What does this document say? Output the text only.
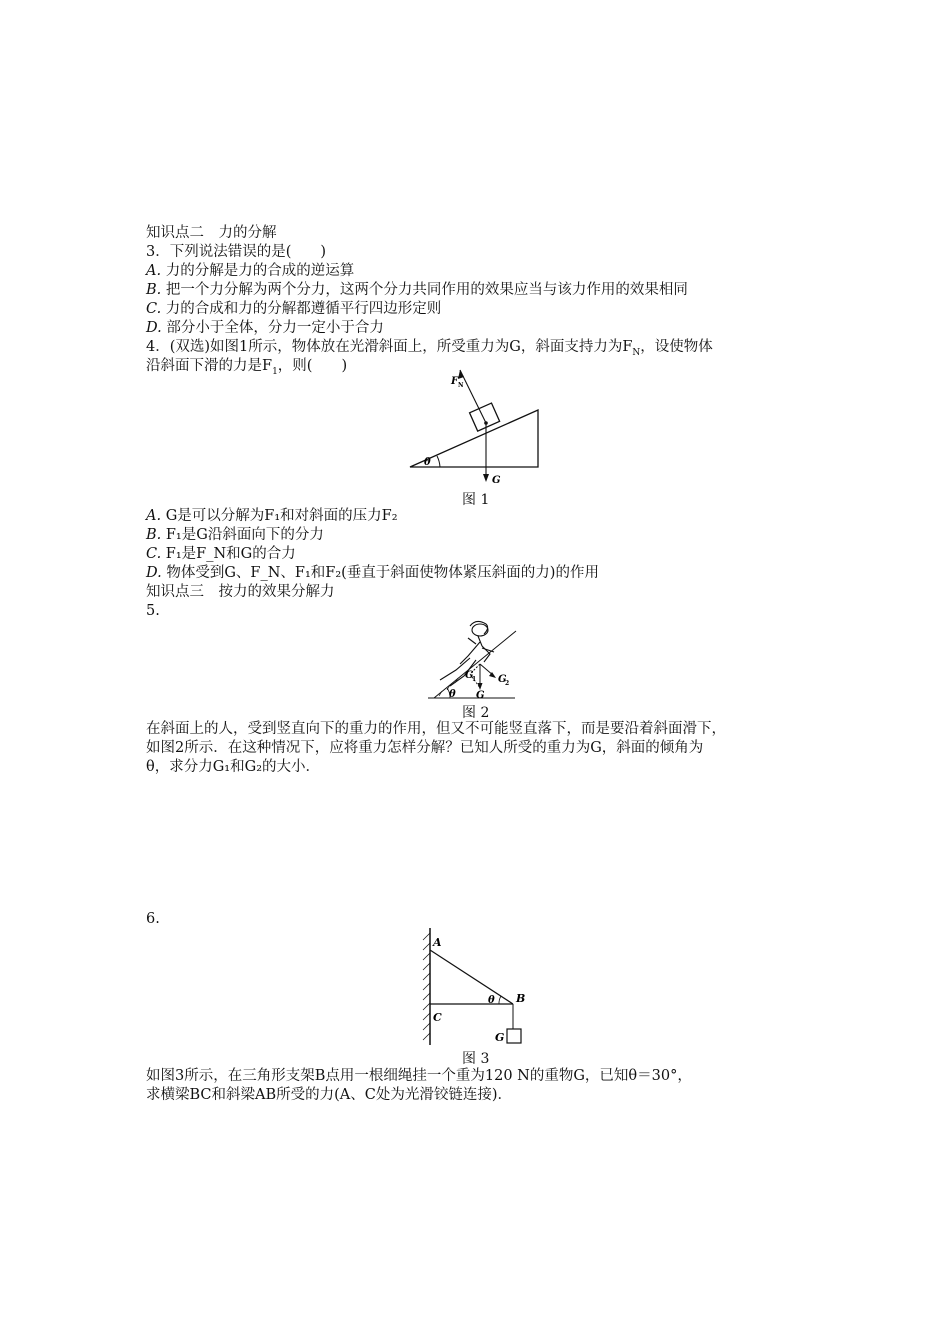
知识点二　力的分解
3．下列说法错误的是(　　)
A. 力的分解是力的合成的逆运算
B. 把一个力分解为两个分力，这两个分力共同作用的效果应当与该力作用的效果相同
C. 力的合成和力的分解都遵循平行四边形定则
D. 部分小于全体，分力一定小于合力
4．(双选)如图1所示，物体放在光滑斜面上，所受重力为G，斜面支持力为$F_N$，设使物体
沿斜面下滑的力是$F_1$，则(　　)
θ
F N
G
图 1
A. G是可以分解为F₁和对斜面的压力F₂
B. F₁是G沿斜面向下的分力
C. F₁是F_N和G的合力
D. 物体受到G、F_N、F₁和F₂(垂直于斜面使物体紧压斜面的力)的作用
知识点三　按力的效果分解力
5.
θ
G
1 G
2
G
图 2
在斜面上的人，受到竖直向下的重力的作用，但又不可能竖直落下，而是要沿着斜面滑下，
如图2所示．在这种情况下，应将重力怎样分解？已知人所受的重力为G，斜面的倾角为
θ，求分力G₁和G₂的大小．
6.
A
B
C
G
θ
图 3
如图3所示，在三角形支架B点用一根细绳挂一个重为120 N的重物G，已知θ＝30°，
求横梁BC和斜梁AB所受的力(A、C处为光滑铰链连接)．
